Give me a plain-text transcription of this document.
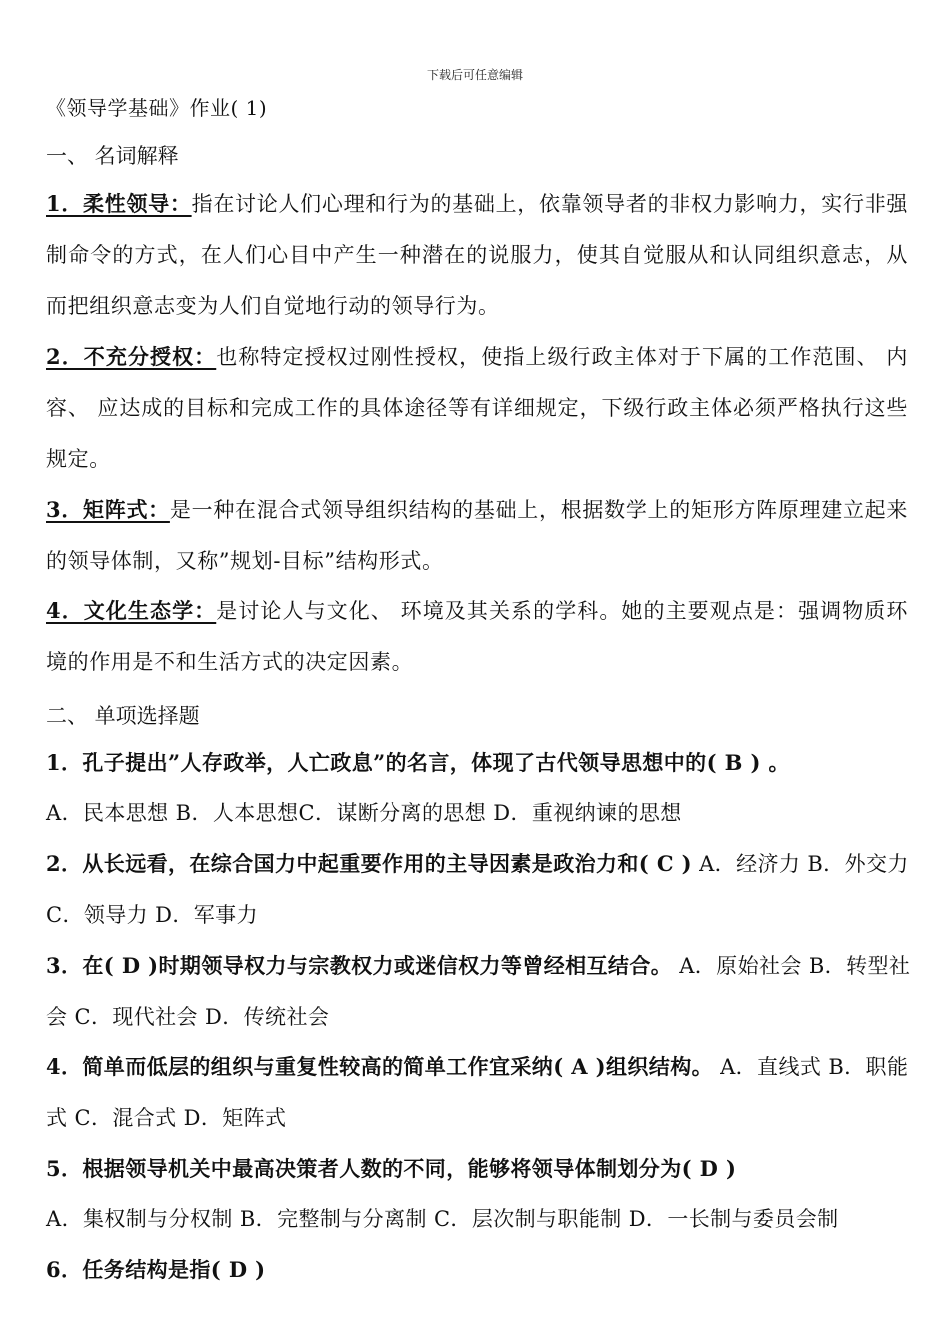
下载后可任意编辑
《领导学基础》作业( 1)
一、 名词解释
1．柔性领导：指在讨论人们心理和行为的基础上，依靠领导者的非权力影响力，实行非强制命令的方式，在人们心目中产生一种潜在的说服力，使其自觉服从和认同组织意志，从而把组织意志变为人们自觉地行动的领导行为。
2．不充分授权：也称特定授权过刚性授权，使指上级行政主体对于下属的工作范围、 内容、 应达成的目标和完成工作的具体途径等有详细规定，下级行政主体必须严格执行这些规定。
3．矩阵式：是一种在混合式领导组织结构的基础上，根据数学上的矩形方阵原理建立起来的领导体制，又称”规划-目标”结构形式。
4．文化生态学：是讨论人与文化、 环境及其关系的学科。她的主要观点是：强调物质环境的作用是不和生活方式的决定因素。
二、 单项选择题
1．孔子提出”人存政举，人亡政息”的名言，体现了古代领导思想中的( B ) 。
A．民本思想 B．人本思想C．谋断分离的思想 D．重视纳谏的思想
2．从长远看，在综合国力中起重要作用的主导因素是政治力和( C ) A．经济力 B．外交力 C．领导力 D．军事力
3．在( D )时期领导权力与宗教权力或迷信权力等曾经相互结合。 A．原始社会 B．转型社会 C．现代社会 D．传统社会
4．简单而低层的组织与重复性较高的简单工作宜采纳( A )组织结构。 A．直线式 B．职能式 C．混合式 D．矩阵式
5．根据领导机关中最高决策者人数的不同，能够将领导体制划分为( D )
A．集权制与分权制 B．完整制与分离制 C．层次制与职能制 D．一长制与委员会制
6．任务结构是指( D )
